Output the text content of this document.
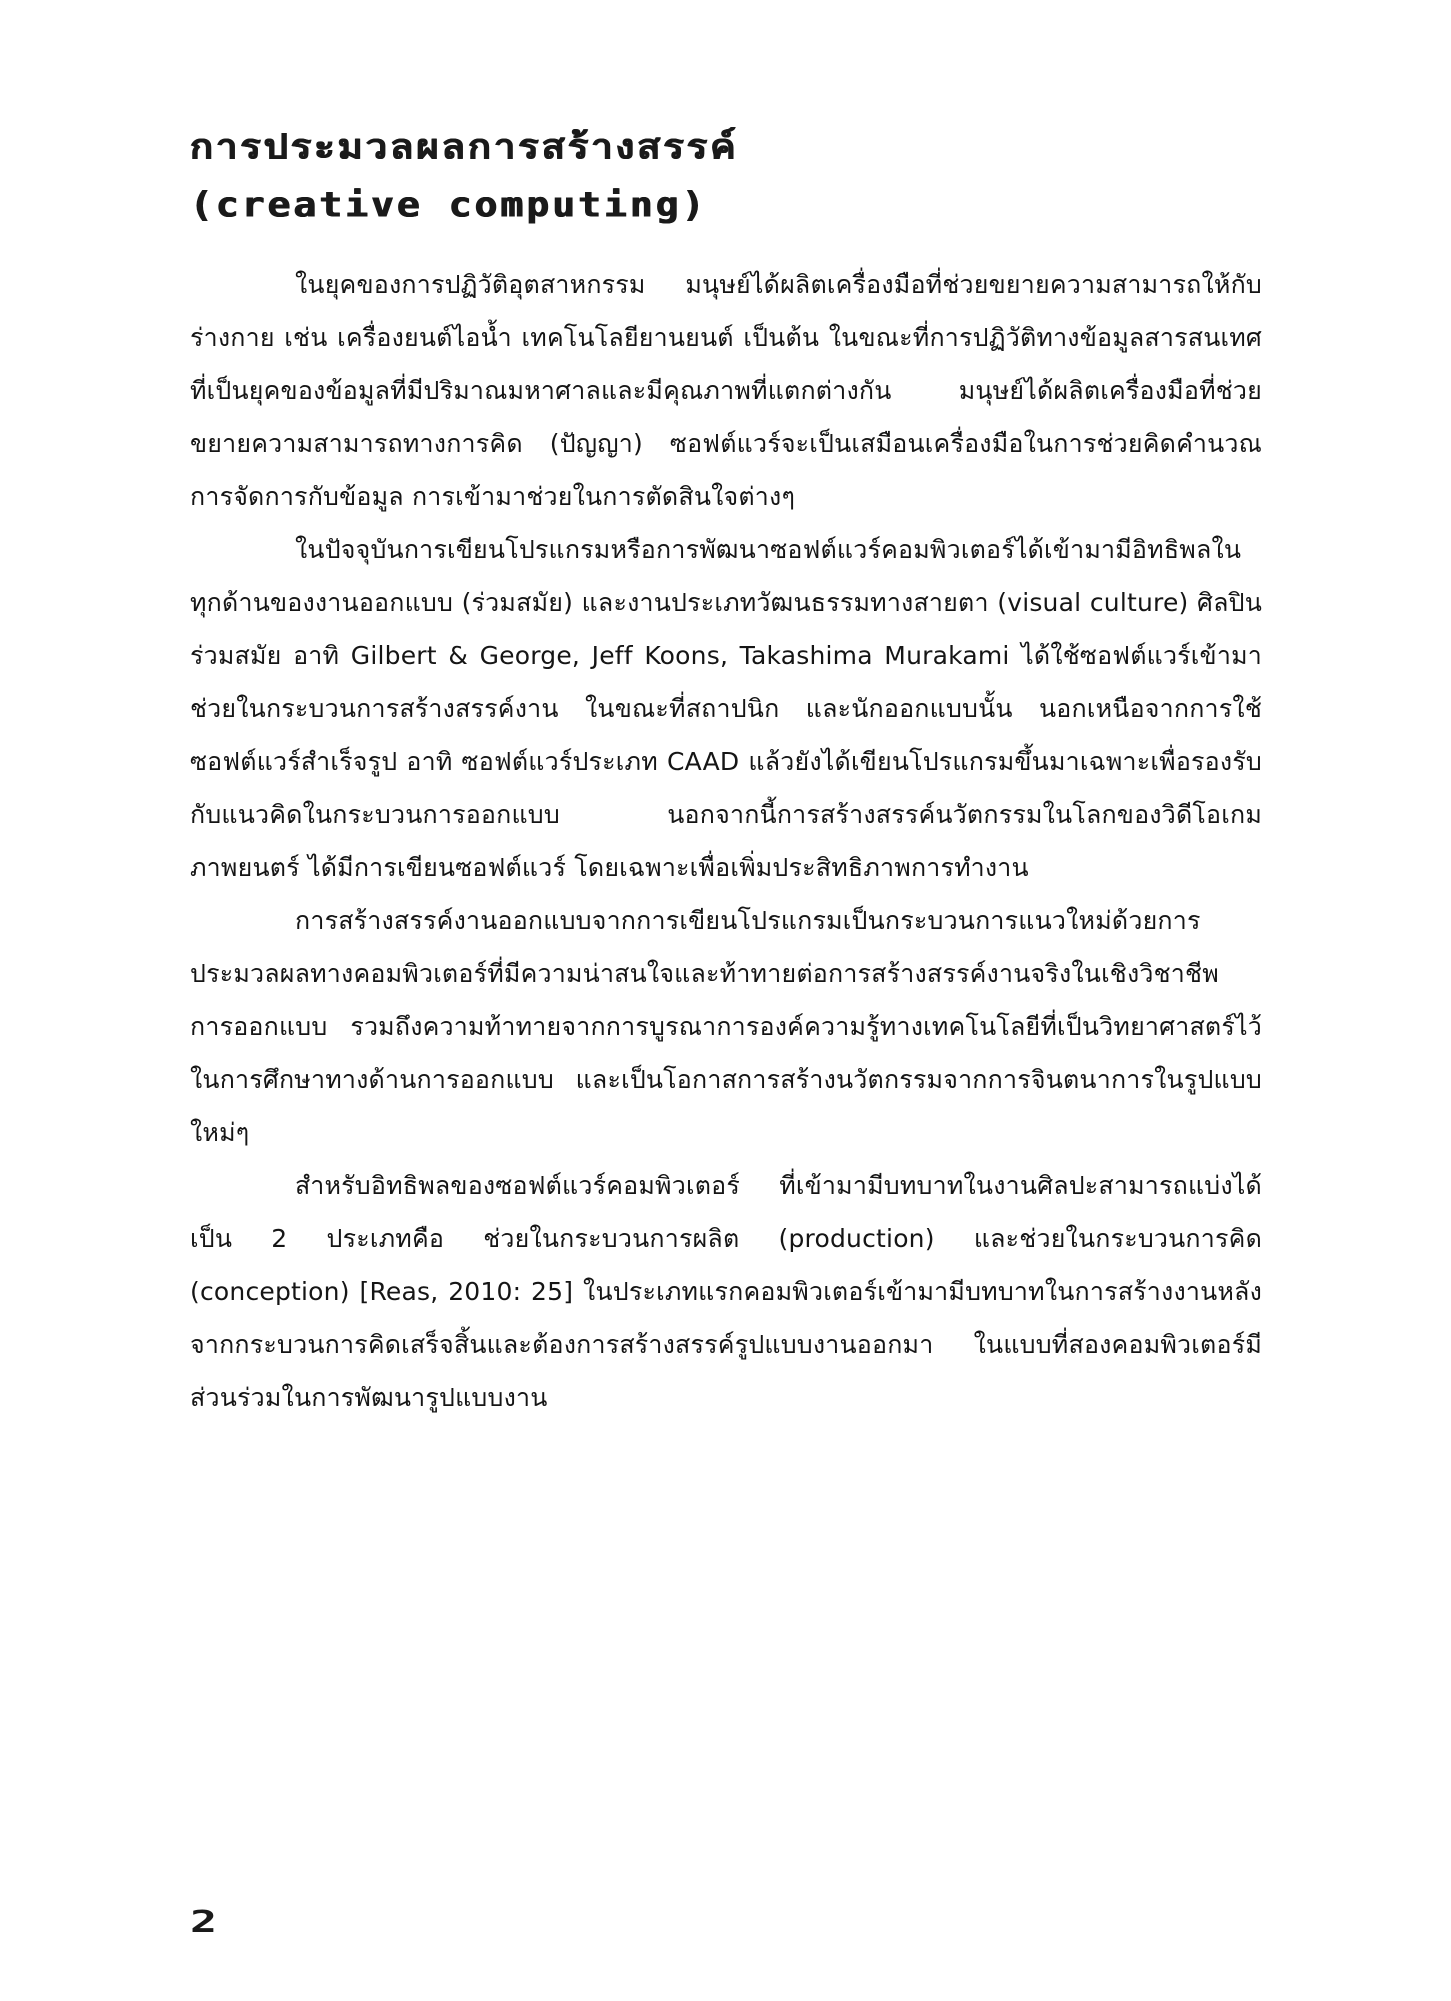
การประมวลผลการสร้างสรรค์
(creative computing)

ในยุคของการปฏิวัติอุตสาหกรรม มนุษย์ได้ผลิตเครื่องมือที่ช่วยขยายความสามารถให้กับร่างกาย เช่น เครื่องยนต์ไอน้ำ เทคโนโลยียานยนต์ เป็นต้น ในขณะที่การปฏิวัติทางข้อมูลสารสนเทศที่เป็นยุคของข้อมูลที่มีปริมาณมหาศาลและมีคุณภาพที่แตกต่างกัน มนุษย์ได้ผลิตเครื่องมือที่ช่วยขยายความสามารถทางการคิด (ปัญญา) ซอฟต์แวร์จะเป็นเสมือนเครื่องมือในการช่วยคิดคำนวณ การจัดการกับข้อมูล การเข้ามาช่วยในการตัดสินใจต่างๆ

ในปัจจุบันการเขียนโปรแกรมหรือการพัฒนาซอฟต์แวร์คอมพิวเตอร์ได้เข้ามามีอิทธิพลในทุกด้านของงานออกแบบ (ร่วมสมัย) และงานประเภทวัฒนธรรมทางสายตา (visual culture) ศิลปินร่วมสมัย อาทิ Gilbert & George, Jeff Koons, Takashima Murakami ได้ใช้ซอฟต์แวร์เข้ามาช่วยในกระบวนการสร้างสรรค์งาน ในขณะที่สถาปนิก และนักออกแบบนั้น นอกเหนือจากการใช้ซอฟต์แวร์สำเร็จรูป อาทิ ซอฟต์แวร์ประเภท CAAD แล้วยังได้เขียนโปรแกรมขึ้นมาเฉพาะเพื่อรองรับกับแนวคิดในกระบวนการออกแบบ นอกจากนี้การสร้างสรรค์นวัตกรรมในโลกของวิดีโอเกม ภาพยนตร์ ได้มีการเขียนซอฟต์แวร์ โดยเฉพาะเพื่อเพิ่มประสิทธิภาพการทำงาน

การสร้างสรรค์งานออกแบบจากการเขียนโปรแกรมเป็นกระบวนการแนวใหม่ด้วยการประมวลผลทางคอมพิวเตอร์ที่มีความน่าสนใจและท้าทายต่อการสร้างสรรค์งานจริงในเชิงวิชาชีพการออกแบบ รวมถึงความท้าทายจากการบูรณาการองค์ความรู้ทางเทคโนโลยีที่เป็นวิทยาศาสตร์ไว้ในการศึกษาทางด้านการออกแบบ และเป็นโอกาสการสร้างนวัตกรรมจากการจินตนาการในรูปแบบใหม่ๆ

สำหรับอิทธิพลของซอฟต์แวร์คอมพิวเตอร์ ที่เข้ามามีบทบาทในงานศิลปะสามารถแบ่งได้เป็น 2 ประเภทคือ ช่วยในกระบวนการผลิต (production) และช่วยในกระบวนการคิด (conception) [Reas, 2010: 25] ในประเภทแรกคอมพิวเตอร์เข้ามามีบทบาทในการสร้างงานหลังจากกระบวนการคิดเสร็จสิ้นและต้องการสร้างสรรค์รูปแบบงานออกมา ในแบบที่สองคอมพิวเตอร์มีส่วนร่วมในการพัฒนารูปแบบงาน

2
